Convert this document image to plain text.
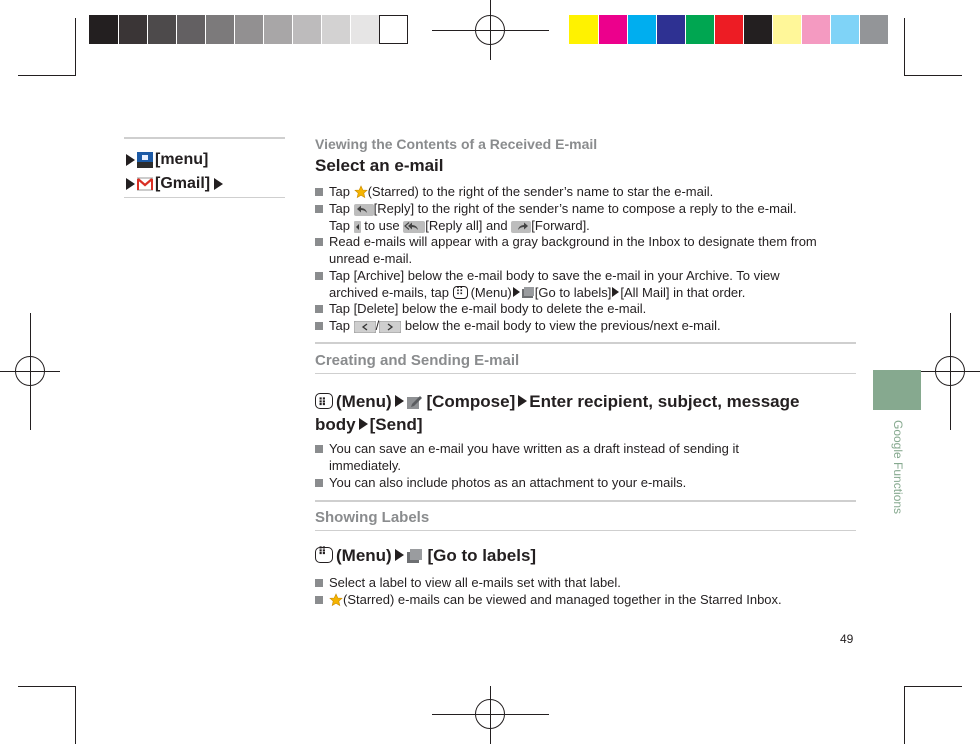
[menu]
[Gmail]
Viewing the Contents of a Received E-mail
Select an e-mail
Tap (Starred) to the right of the sender’s name to star the e-mail.
Tap [Reply] to the right of the sender’s name to compose a reply to the e-mail.
Tap to use [Reply all] and [Forward].
Read e-mails will appear with a gray background in the Inbox to designate them from unread e-mail.
Tap [Archive] below the e-mail body to save the e-mail in your Archive. To view
archived e-mails, tap ⠿ (Menu) [Go to labels] [All Mail] in that order.
Tap [Delete] below the e-mail body to delete the e-mail.
Tap / below the e-mail body to view the previous/next e-mail.
Creating and Sending E-mail
⠿(Menu) [Compose] Enter recipient, subject, message
body [Send]
You can save an e-mail you have written as a draft instead of sending it immediately.
You can also include photos as an attachment to your e-mails.
Showing Labels
⠿(Menu) [Go to labels]
Select a label to view all e-mails set with that label.
(Starred) e-mails can be viewed and managed together in the Starred Inbox.
Google Functions
49
